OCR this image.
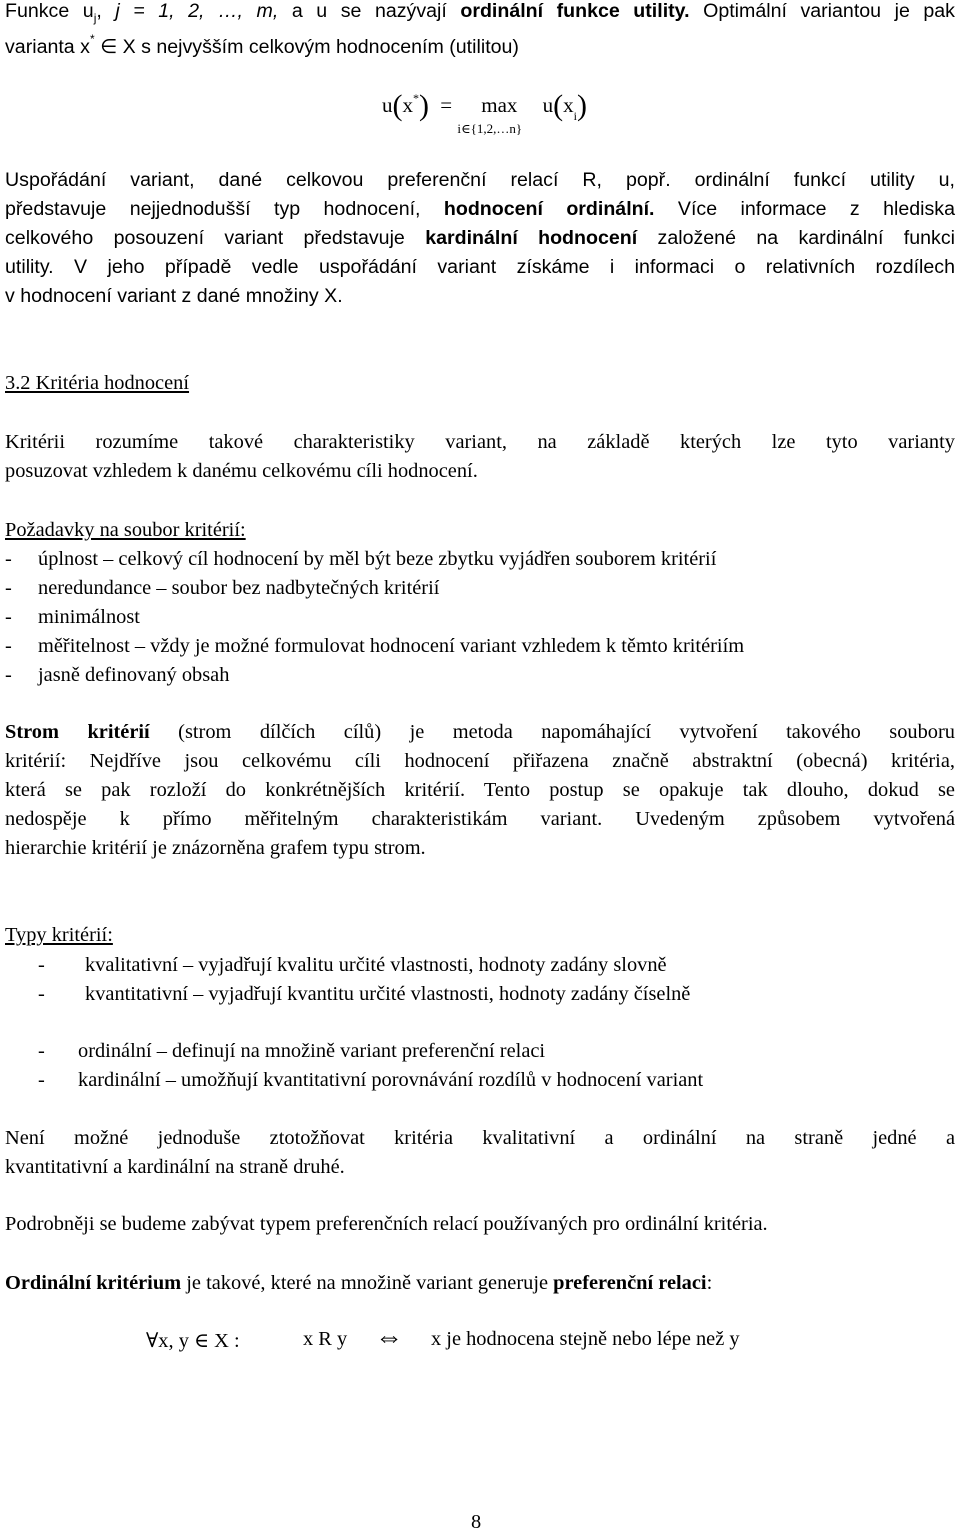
Funkce $u_j$, j = 1, 2, …, m, a u se nazývají ordinální funkce utility. Optimální variantou je pak
varianta x* ∈ X s nejvyšším celkovým hodnocením (utilitou)
u(x*) = max
i∈{1,2,…n}
$u(x_i)$
Uspořádání variant, dané celkovou preferenční relací R, popř. ordinální funkcí utility u,
představuje nejjednodušší typ hodnocení, hodnocení ordinální. Více informace z hlediska
celkového posouzení variant představuje kardinální hodnocení založené na kardinální funkci
utility. V jeho případě vedle uspořádání variant získáme i informaci o relativních rozdílech
v hodnocení variant z dané množiny X.
3.2 Kritéria hodnocení
Kritérii rozumíme takové charakteristiky variant, na základě kterých lze tyto varianty
posuzovat vzhledem k danému celkovému cíli hodnocení.
Požadavky na soubor kritérií:
- úplnost – celkový cíl hodnocení by měl být beze zbytku vyjádřen souborem kritérií
- neredundance – soubor bez nadbytečných kritérií
- minimálnost
- měřitelnost – vždy je možné formulovat hodnocení variant vzhledem k těmto kritériím
- jasně definovaný obsah
Strom kritérií (strom dílčích cílů) je metoda napomáhající vytvoření takového souboru
kritérií: Nejdříve jsou celkovému cíli hodnocení přiřazena značně abstraktní (obecná) kritéria,
která se pak rozloží do konkrétnějších kritérií. Tento postup se opakuje tak dlouho, dokud se
nedospěje k přímo měřitelným charakteristikám variant. Uvedeným způsobem vytvořená
hierarchie kritérií je znázorněna grafem typu strom.
Typy kritérií:
- kvalitativní – vyjadřují kvalitu určité vlastnosti, hodnoty zadány slovně
- kvantitativní – vyjadřují kvantitu určité vlastnosti, hodnoty zadány číselně
- ordinální – definují na množině variant preferenční relaci
- kardinální – umožňují kvantitativní porovnávání rozdílů v hodnocení variant
Není možné jednoduše ztotožňovat kritéria kvalitativní a ordinální na straně jedné a
kvantitativní a kardinální na straně druhé.
Podrobněji se budeme zabývat typem preferenčních relací používaných pro ordinální kritéria.
Ordinální kritérium je takové, které na množině variant generuje preferenční relaci:
∀x, y ∈ X :	x R y ⇔ x je hodnocena stejně nebo lépe než y
8
